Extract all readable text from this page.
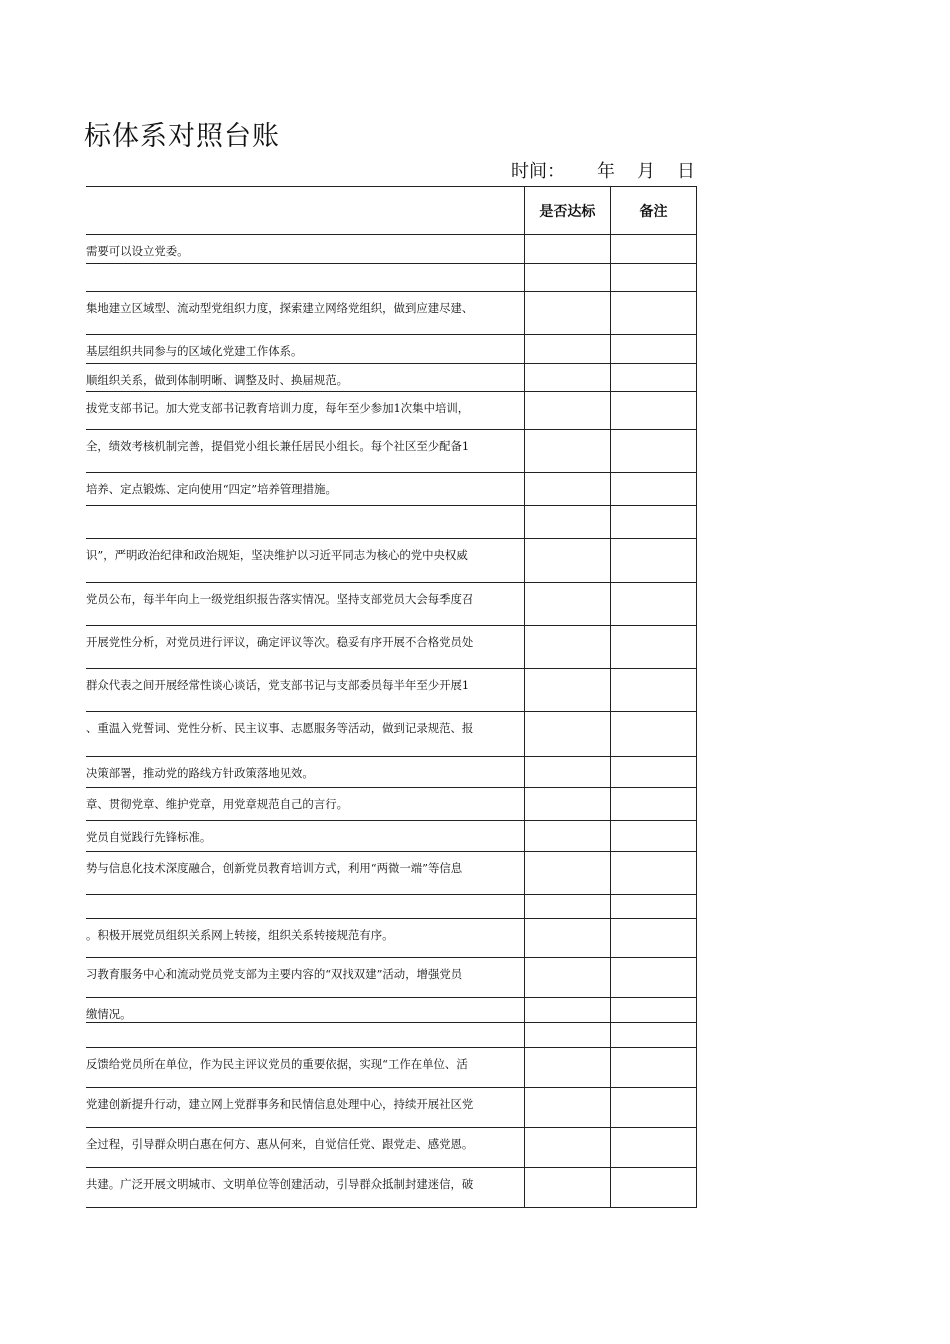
标体系对照台账
时间： 年 月 日
	是否达标	备注
需要可以设立党委。		

集地建立区域型、流动型党组织力度，探索建立网络党组织，做到应建尽建、		
基层组织共同参与的区域化党建工作体系。		
顺组织关系，做到体制明晰、调整及时、换届规范。		
拔党支部书记。加大党支部书记教育培训力度，每年至少参加1次集中培训，		
全，绩效考核机制完善，提倡党小组长兼任居民小组长。每个社区至少配备1		
培养、定点锻炼、定向使用“四定”培养管理措施。		

识”，严明政治纪律和政治规矩，坚决维护以习近平同志为核心的党中央权威		
党员公布，每半年向上一级党组织报告落实情况。坚持支部党员大会每季度召		
开展党性分析，对党员进行评议，确定评议等次。稳妥有序开展不合格党员处		
群众代表之间开展经常性谈心谈话，党支部书记与支部委员每半年至少开展1		
、重温入党誓词、党性分析、民主议事、志愿服务等活动，做到记录规范、报		
决策部署，推动党的路线方针政策落地见效。		
章、贯彻党章、维护党章，用党章规范自己的言行。		
党员自觉践行先锋标准。		
势与信息化技术深度融合，创新党员教育培训方式，利用“两微一端”等信息		

。积极开展党员组织关系网上转接，组织关系转接规范有序。		
习教育服务中心和流动党员党支部为主要内容的“双找双建”活动，增强党员		
缴情况。		

反馈给党员所在单位，作为民主评议党员的重要依据，实现“工作在单位、活		
党建创新提升行动，建立网上党群事务和民情信息处理中心，持续开展社区党		
全过程，引导群众明白惠在何方、惠从何来，自觉信任党、跟党走、感党恩。		
共建。广泛开展文明城市、文明单位等创建活动，引导群众抵制封建迷信，破		
